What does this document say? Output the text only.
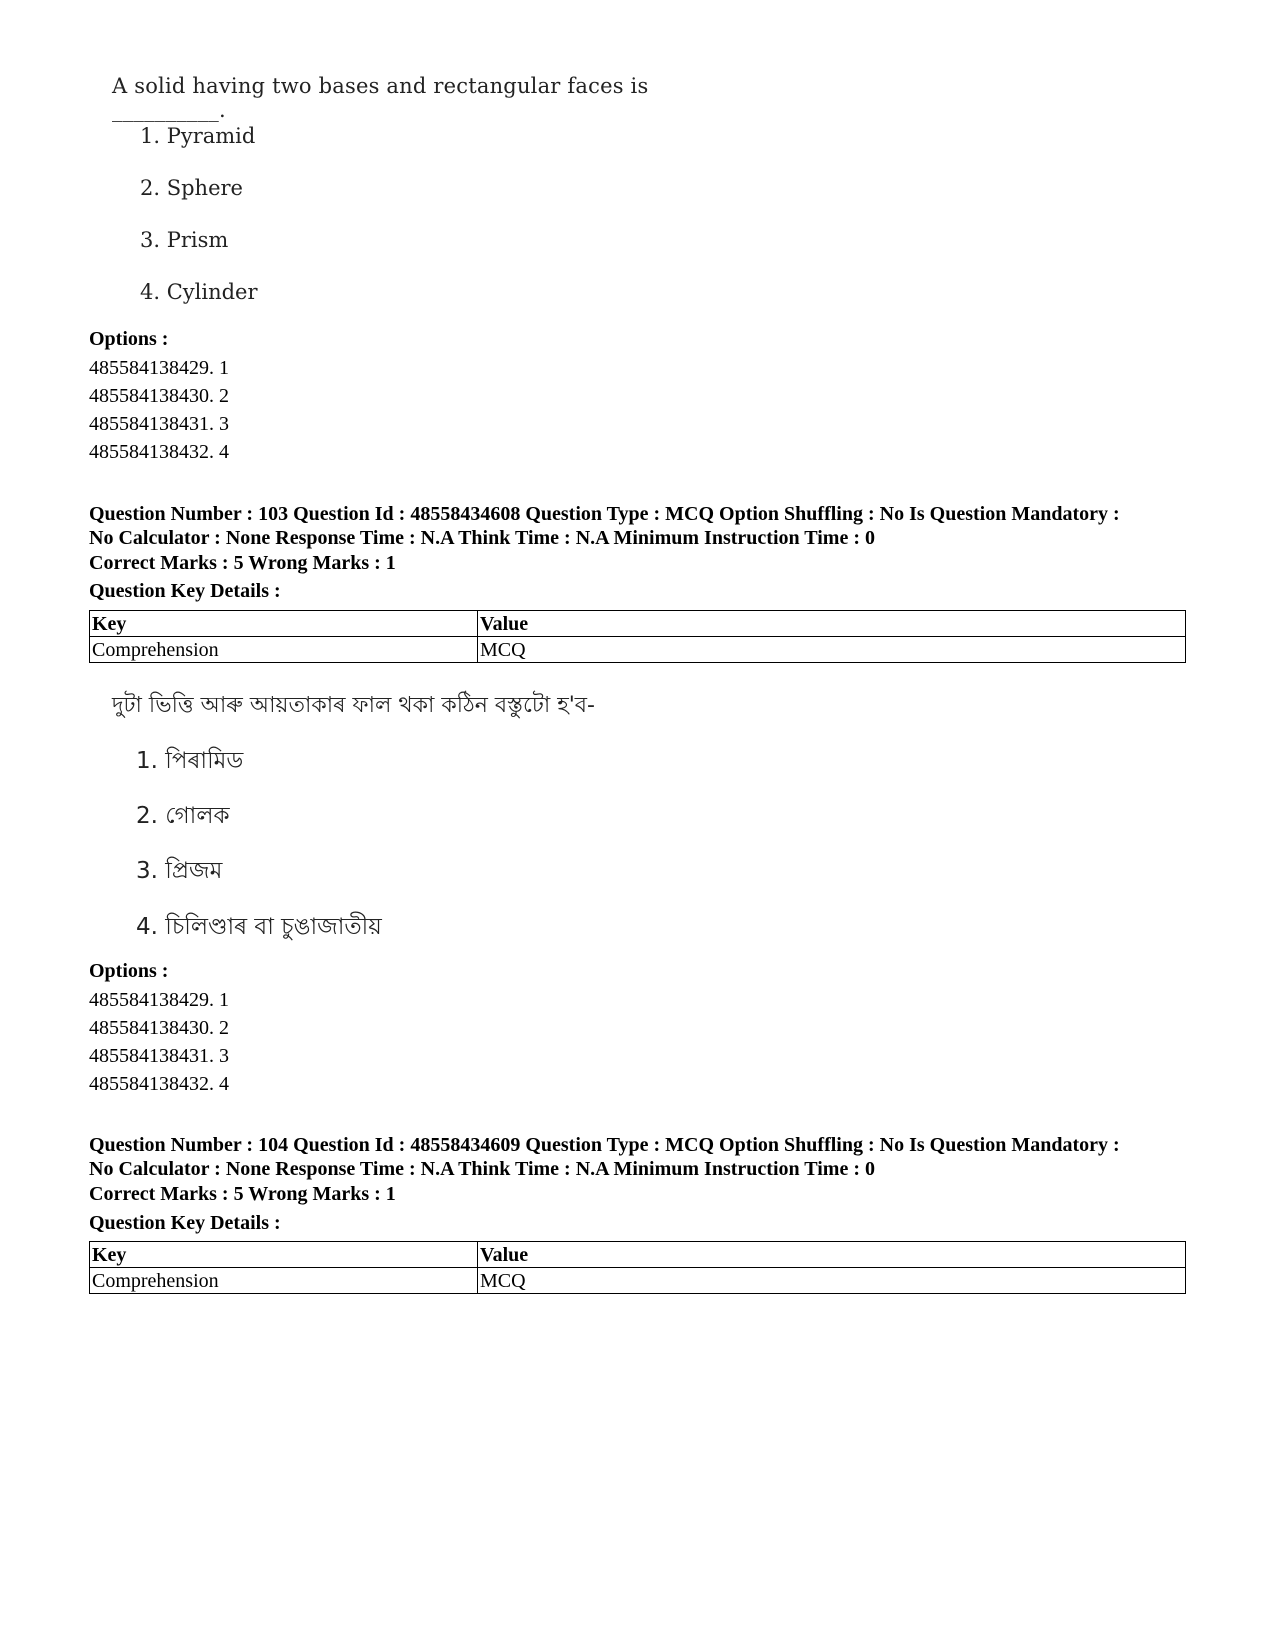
A solid having two bases and rectangular faces is __________.
1. Pyramid
2. Sphere
3. Prism
4. Cylinder
Options :
485584138429. 1
485584138430. 2
485584138431. 3
485584138432. 4
Question Number : 103 Question Id : 48558434608 Question Type : MCQ Option Shuffling : No Is Question Mandatory :
No Calculator : None Response Time : N.A Think Time : N.A Minimum Instruction Time : 0
Correct Marks : 5 Wrong Marks : 1
Question Key Details :
Key	Value
Comprehension	MCQ
দুটা ভিত্তি আৰু আয়তাকাৰ ফাল থকা কঠিন বস্তুটো হ'ব-
1. পিৰামিড
2. গোলক
3. প্ৰিজম
4. চিলিণ্ডাৰ বা চুঙাজাতীয়
Options :
485584138429. 1
485584138430. 2
485584138431. 3
485584138432. 4
Question Number : 104 Question Id : 48558434609 Question Type : MCQ Option Shuffling : No Is Question Mandatory :
No Calculator : None Response Time : N.A Think Time : N.A Minimum Instruction Time : 0
Correct Marks : 5 Wrong Marks : 1
Question Key Details :
Key	Value
Comprehension	MCQ
